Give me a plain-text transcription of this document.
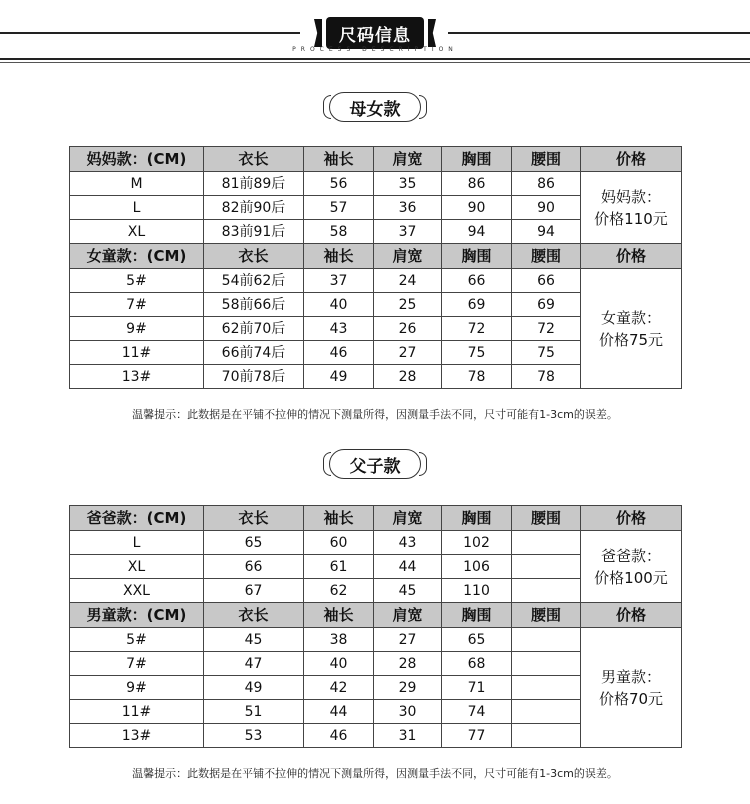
尺码信息
PROCESS DESCRIPTION
母女款
妈妈款：(CM)	衣长	袖长	肩宽	胸围	腰围	价格
M	81前89后	56	35	86	86	妈妈款：
价格110元

L	82前90后	57	36	90	90	
XL	83前91后	58	37	94	94	
女童款：(CM)	衣长	袖长	肩宽	胸围	腰围	价格
5#	54前62后	37	24	66	66	女童款：
价格75元

7#	58前66后	40	25	69	69	
9#	62前70后	43	26	72	72	
11#	66前74后	46	27	75	75	
13#	70前78后	49	28	78	78	
温馨提示：此数据是在平铺不拉伸的情况下测量所得，因测量手法不同，尺寸可能有1-3cm的误差。
父子款
爸爸款：(CM)	衣长	袖长	肩宽	胸围	腰围	价格
L	65	60	43	102		爸爸款：
价格100元

XL	66	61	44	106		
XXL	67	62	45	110		
男童款：(CM)	衣长	袖长	肩宽	胸围	腰围	价格
5#	45	38	27	65		男童款：
价格70元

7#	47	40	28	68		
9#	49	42	29	71		
11#	51	44	30	74		
13#	53	46	31	77		
温馨提示：此数据是在平铺不拉伸的情况下测量所得，因测量手法不同，尺寸可能有1-3cm的误差。
